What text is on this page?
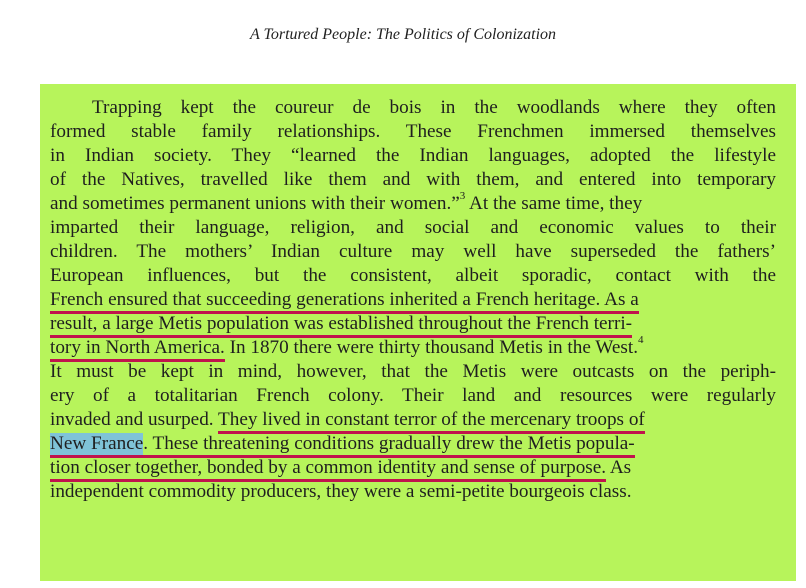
A Tortured People: The Politics of Colonization
Trapping kept the coureur de bois in the woodlands where they often
formed stable family relationships. These Frenchmen immersed themselves
in Indian society. They “learned the Indian languages, adopted the lifestyle
of the Natives, travelled like them and with them, and entered into temporary
and sometimes permanent unions with their women.”$^3$ At the same time, they
imparted their language, religion, and social and economic values to their
children. The mothers’ Indian culture may well have superseded the fathers’
European influences, but the consistent, albeit sporadic, contact with the
French ensured that succeeding generations inherited a French heritage. As a
result, a large Metis population was established throughout the French terri-
tory in North America. In 1870 there were thirty thousand Metis in the West.$^4$
It must be kept in mind, however, that the Metis were outcasts on the periph-
ery of a totalitarian French colony. Their land and resources were regularly
invaded and usurped. They lived in constant terror of the mercenary troops of
New France. These threatening conditions gradually drew the Metis popula-
tion closer together, bonded by a common identity and sense of purpose. As
independent commodity producers, they were a semi-petite bourgeois class.
